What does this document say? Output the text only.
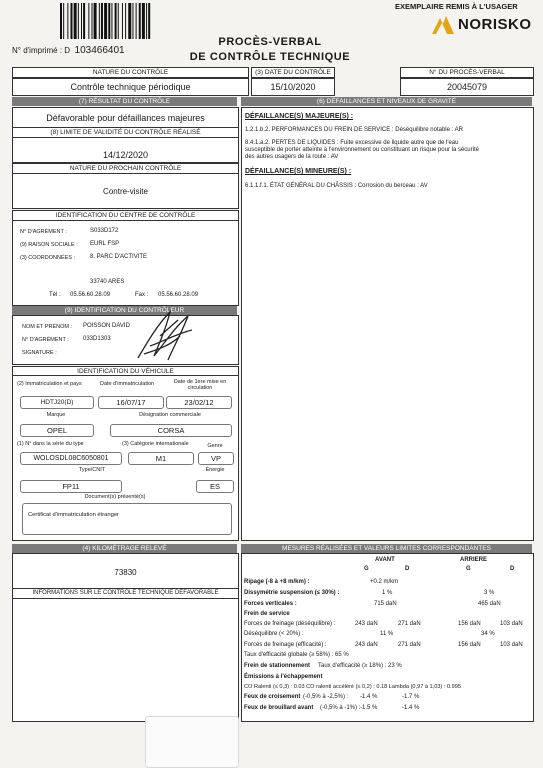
EXEMPLAIRE REMIS À L'USAGER
NORISKO
N° d'imprimé : D 103466401
PROCÈS-VERBAL
DE CONTRÔLE TECHNIQUE
NATURE DU CONTRÔLE
Contrôle technique périodique
(3) DATE DU CONTRÔLE
15/10/2020
N° DU PROCÈS-VERBAL
20045079
(7) RÉSULTAT DU CONTRÔLE
Défavorable pour défaillances majeures
(8) LIMITE DE VALIDITÉ DU CONTRÔLE RÉALISÉ
14/12/2020
NATURE DU PROCHAIN CONTRÔLE
Contre-visite
IDENTIFICATION DU CENTRE DE CONTRÔLE
N° D'AGRÉMENT :	S033D172
(9) RAISON SOCIALE : EURL FSP
(3) COORDONNÉES : 8. PARC D'ACTIVITE
33740 ARES
Tél : 05.56.60.28.09	Fax : 05.56.60.28.09
(9) IDENTIFICATION DU CONTRÔLEUR
NOM ET PRÉNOM : POISSON DAVID
N° D'AGRÉMENT : 033D1303
SIGNATURE :
IDENTIFICATION DU VÉHICULE
(2) Immatriculation et pays	Date d'immatriculation	Date de 1ere mise en circulation
HDTJ20(D)	16/07/17	23/02/12
Marque	Désignation commerciale
OPEL	CORSA
(1) N° dans la série du type	(3) Catégorie internationale	Genre
WOLOSDL08C6050801	M1	VP
Type/CNIT	Énergie
FP11	ES
Document(s) présenté(s)
Certificat d'immatriculation étranger
(4) KILOMÉTRAGE RELEVÉ
73830
INFORMATIONS SUR LE CONTRÔLE TECHNIQUE DÉFAVORABLE
(6) DÉFAILLANCES ET NIVEAUX DE GRAVITÉ
DÉFAILLANCE(S) MAJEURE(S) :
1.2.1.b.2. PERFORMANCES DU FREIN DE SERVICE : Déséquilibre notable : AR
8.4.1.a.2. PERTES DE LIQUIDES : Fuite excessive de liquide autre que de l'eau
susceptible de porter atteinte à l'environnement ou constituant un risque pour la sécurité
des autres usagers de la route : AV
DÉFAILLANCE(S) MINEURE(S) :
6.1.1.f.1. ÉTAT GÉNÉRAL DU CHÂSSIS : Corrosion du berceau : AV
MESURES RÉALISÉES ET VALEURS LIMITES CORRESPONDANTES
AVANT	ARRIERE
G	D	G	D
Ripage (-8 à +8 m/km) :	+0.2 m/km
Dissymétrie suspension (≤ 30%) :	1 %	3 %
Forces verticales :	715 daN	465 daN
Frein de service
Forces de freinage (déséquilibre) :	243 daN	271 daN	156 daN	103 daN
Déséquilibre (< 20%) :	11 %	34 %
Forces de freinage (efficacité) :	243 daN	271 daN	156 daN	103 daN
Taux d'efficacité globale (≥ 58%) : 65 %
Frein de stationnement Taux d'efficacité (≥ 18%) : 23 %
Émissions à l'échappement
CO Ralenti (≤ 0,3) : 0.03 CO ralenti accéléré (≤ 0,2) : 0.18 Lambda (0,97 à 1,03) : 0.995
Feux de croisement (-0,5% à -2,5%) : -1.4 %	-1.7 %
Feux de brouillard avant (-0,5% à -1%) : -1.5 %	-1.4 %
